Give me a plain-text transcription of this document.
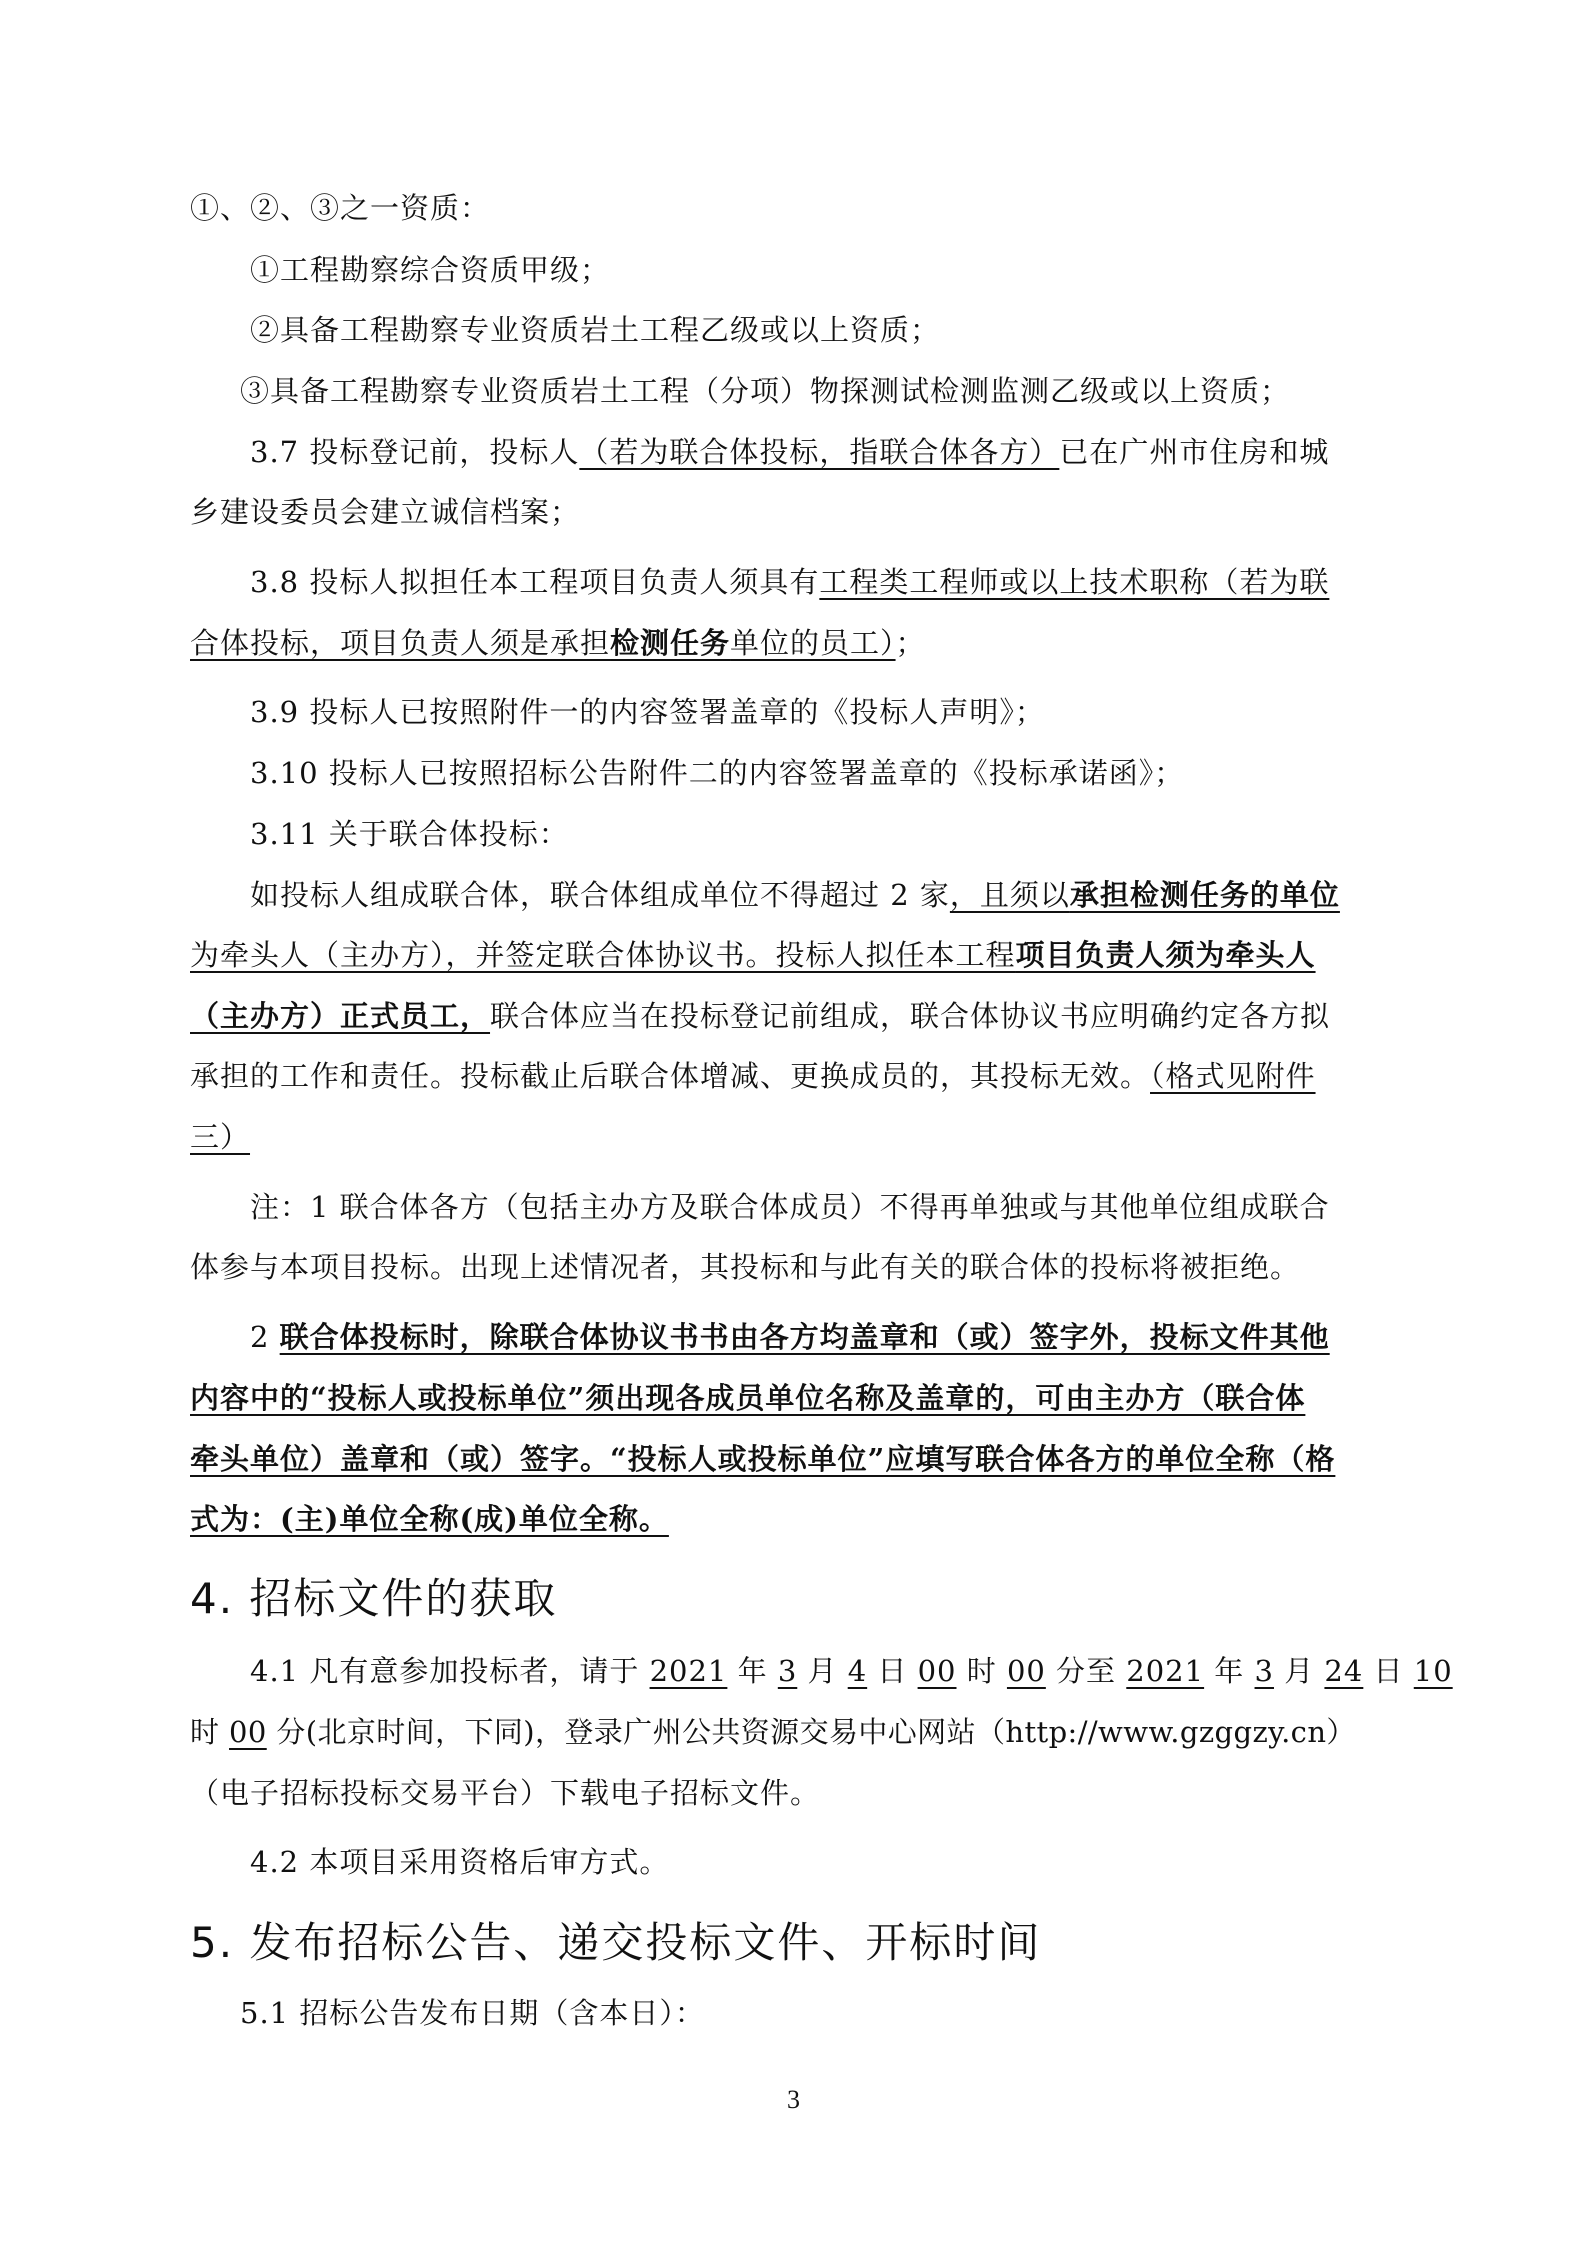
①、②、③之一资质：
①工程勘察综合资质甲级；
②具备工程勘察专业资质岩土工程乙级或以上资质；
③具备工程勘察专业资质岩土工程（分项）物探测试检测监测乙级或以上资质；
3.7 投标登记前，投标人（若为联合体投标，指联合体各方）已在广州市住房和城
乡建设委员会建立诚信档案；
3.8 投标人拟担任本工程项目负责人须具有工程类工程师或以上技术职称（若为联
合体投标，项目负责人须是承担检测任务单位的员工）；
3.9 投标人已按照附件一的内容签署盖章的《投标人声明》；
3.10 投标人已按照招标公告附件二的内容签署盖章的《投标承诺函》；
3.11 关于联合体投标：
如投标人组成联合体，联合体组成单位不得超过 2 家，且须以承担检测任务的单位
为牵头人（主办方），并签定联合体协议书。投标人拟任本工程项目负责人须为牵头人
（主办方）正式员工，联合体应当在投标登记前组成，联合体协议书应明确约定各方拟
承担的工作和责任。投标截止后联合体增减、更换成员的，其投标无效。（格式见附件
三）
注：1 联合体各方（包括主办方及联合体成员）不得再单独或与其他单位组成联合
体参与本项目投标。出现上述情况者，其投标和与此有关的联合体的投标将被拒绝。
2 联合体投标时，除联合体协议书书由各方均盖章和（或）签字外，投标文件其他
内容中的“投标人或投标单位”须出现各成员单位名称及盖章的，可由主办方（联合体
牵头单位）盖章和（或）签字。“投标人或投标单位”应填写联合体各方的单位全称（格
式为：(主)单位全称(成)单位全称。
4. 招标文件的获取
4.1 凡有意参加投标者，请于 2021 年 3 月 4 日 00 时 00 分至 2021 年 3 月 24 日 10
时 00 分(北京时间，下同)，登录广州公共资源交易中心网站（http://www.gzggzy.cn）
（电子招标投标交易平台）下载电子招标文件。
4.2 本项目采用资格后审方式。
5. 发布招标公告、递交投标文件、开标时间
5.1 招标公告发布日期（含本日）：
3
